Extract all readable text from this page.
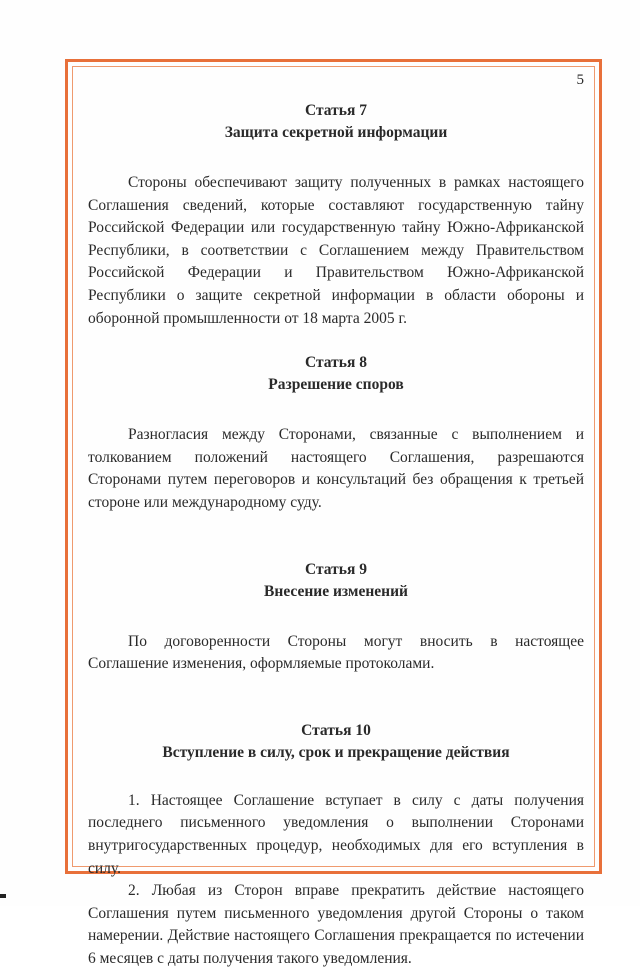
5

Статья 7

Защита секретной информации

Стороны обеспечивают защиту полученных в рамках настоящего Соглашения сведений, которые составляют государственную тайну Российской Федерации или государственную тайну Южно-Африканской Республики, в соответствии с Соглашением между Правительством Российской Федерации и Правительством Южно-Африканской Республики о защите секретной информации в области обороны и оборонной промышленности от 18 марта 2005 г.

Статья 8

Разрешение споров

Разногласия между Сторонами, связанные с выполнением и толкованием положений настоящего Соглашения, разрешаются Сторонами путем переговоров и консультаций без обращения к третьей стороне или международному суду.

Статья 9

Внесение изменений

По договоренности Стороны могут вносить в настоящее Соглашение изменения, оформляемые протоколами.

Статья 10

Вступление в силу, срок и прекращение действия

1. Настоящее Соглашение вступает в силу с даты получения последнего письменного уведомления о выполнении Сторонами внутригосударственных процедур, необходимых для его вступления в силу.

2. Любая из Сторон вправе прекратить действие настоящего Соглашения путем письменного уведомления другой Стороны о таком намерении. Действие настоящего Соглашения прекращается по истечении 6 месяцев с даты получения такого уведомления.
